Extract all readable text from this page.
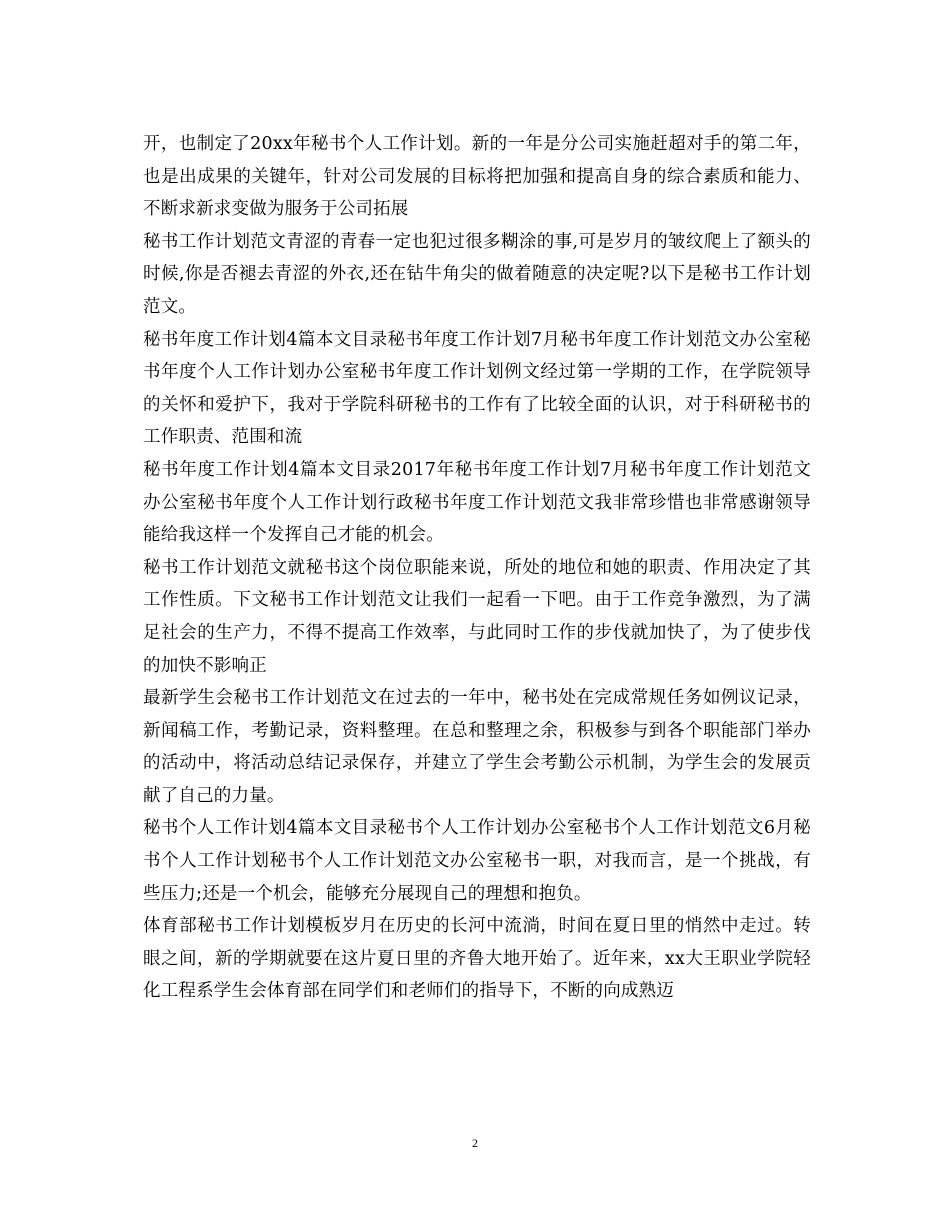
开，也制定了20xx年秘书个人工作计划。新的一年是分公司实施赶超对手的第二年，也是出成果的关键年，针对公司发展的目标将把加强和提高自身的综合素质和能力、不断求新求变做为服务于公司拓展

秘书工作计划范文青涩的青春一定也犯过很多糊涂的事,可是岁月的皱纹爬上了额头的时候,你是否褪去青涩的外衣,还在钻牛角尖的做着随意的决定呢?以下是秘书工作计划范文。

秘书年度工作计划4篇本文目录秘书年度工作计划7月秘书年度工作计划范文办公室秘书年度个人工作计划办公室秘书年度工作计划例文经过第一学期的工作，在学院领导的关怀和爱护下，我对于学院科研秘书的工作有了比较全面的认识，对于科研秘书的工作职责、范围和流

秘书年度工作计划4篇本文目录2017年秘书年度工作计划7月秘书年度工作计划范文办公室秘书年度个人工作计划行政秘书年度工作计划范文我非常珍惜也非常感谢领导能给我这样一个发挥自己才能的机会。

秘书工作计划范文就秘书这个岗位职能来说，所处的地位和她的职责、作用决定了其工作性质。下文秘书工作计划范文让我们一起看一下吧。由于工作竞争激烈，为了满足社会的生产力，不得不提高工作效率，与此同时工作的步伐就加快了，为了使步伐的加快不影响正

最新学生会秘书工作计划范文在过去的一年中，秘书处在完成常规任务如例议记录，新闻稿工作，考勤记录，资料整理。在总和整理之余，积极参与到各个职能部门举办的活动中，将活动总结记录保存，并建立了学生会考勤公示机制，为学生会的发展贡献了自己的力量。

秘书个人工作计划4篇本文目录秘书个人工作计划办公室秘书个人工作计划范文6月秘书个人工作计划秘书个人工作计划范文办公室秘书一职，对我而言，是一个挑战，有些压力;还是一个机会，能够充分展现自己的理想和抱负。

体育部秘书工作计划模板岁月在历史的长河中流淌，时间在夏日里的悄然中走过。转眼之间，新的学期就要在这片夏日里的齐鲁大地开始了。近年来，xx大王职业学院轻化工程系学生会体育部在同学们和老师们的指导下，不断的向成熟迈

2
